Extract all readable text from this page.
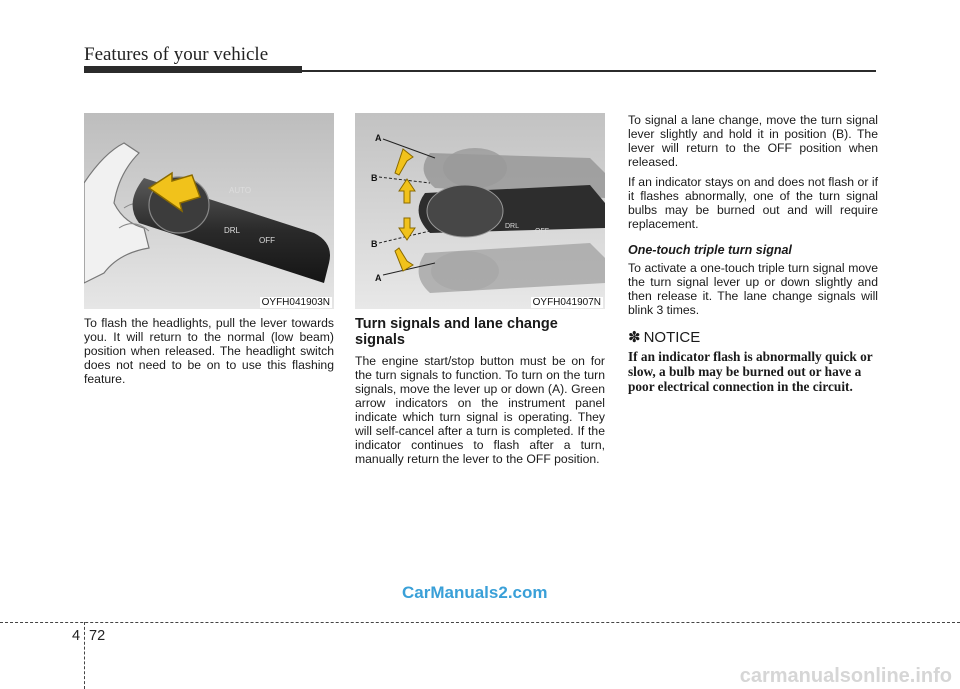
Features of your vehicle
AUTO
DRL
OFF
OYFH041903N
DRL
OFF
A
B
B
A
OYFH041907N

To flash the headlights, pull the lever towards you. It will return to the normal (low beam) position when released. The headlight switch does not need to be on to use this flashing feature.

Turn signals and lane change signals

The engine start/stop button must be on for the turn signals to function. To turn on the turn signals, move the lever up or down (A). Green arrow indicators on the instrument panel indicate which turn signal is operating. They will self-cancel after a turn is completed. If the indicator continues to flash after a turn, manually return the lever to the OFF position.

To signal a lane change, move the turn signal lever slightly and hold it in position (B). The lever will return to the OFF position when released.

If an indicator stays on and does not flash or if it flashes abnormally, one of the turn signal bulbs may be burned out and will require replacement.

One-touch triple turn signal

To activate a one-touch triple turn signal move the turn signal lever up or down slightly and then release it. The lane change signals will blink 3 times.

✽ NOTICE

If an indicator flash is abnormally quick or slow, a bulb may be burned out or have a poor electrical connection in the circuit.

CarManuals2.com
4 72
carmanualsonline.info
